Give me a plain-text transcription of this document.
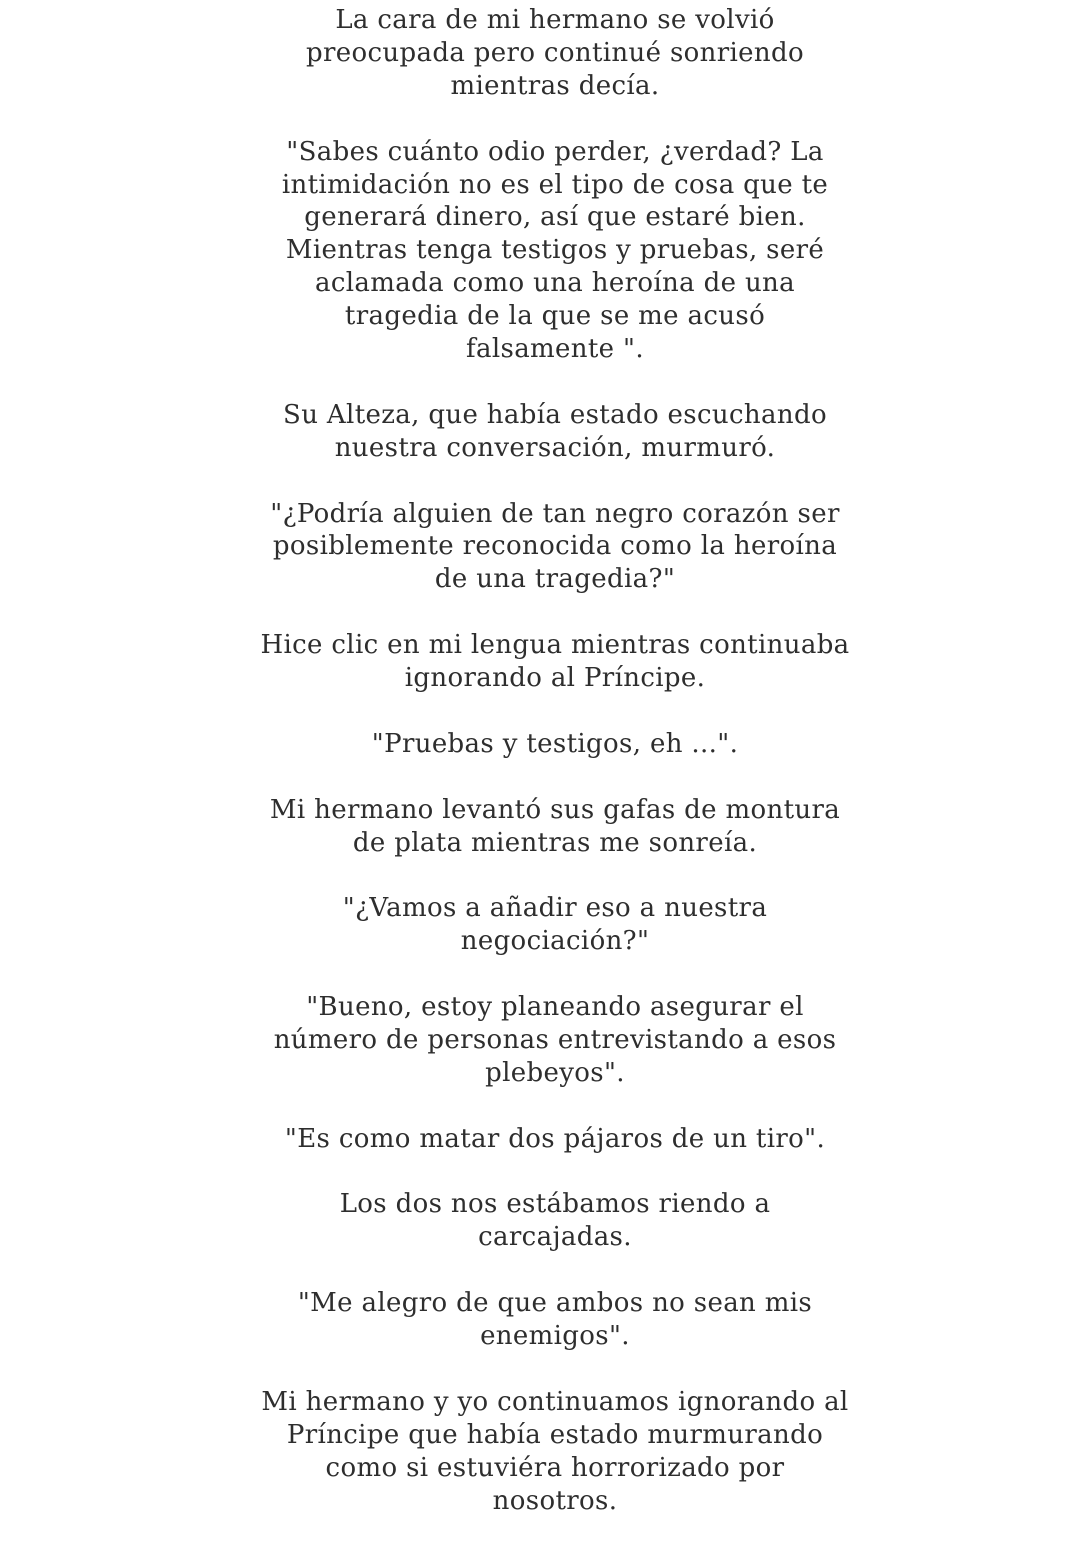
La cara de mi hermano se volvió
preocupada pero continué sonriendo
mientras decía.

"Sabes cuánto odio perder, ¿verdad? La
intimidación no es el tipo de cosa que te
generará dinero, así que estaré bien.
Mientras tenga testigos y pruebas, seré
aclamada como una heroína de una
tragedia de la que se me acusó
falsamente ".

Su Alteza, que había estado escuchando
nuestra conversación, murmuró.

"¿Podría alguien de tan negro corazón ser
posiblemente reconocida como la heroína
de una tragedia?"

Hice clic en mi lengua mientras continuaba
ignorando al Príncipe.

"Pruebas y testigos, eh ...".

Mi hermano levantó sus gafas de montura
de plata mientras me sonreía.

"¿Vamos a añadir eso a nuestra
negociación?"

"Bueno, estoy planeando asegurar el
número de personas entrevistando a esos
plebeyos".

"Es como matar dos pájaros de un tiro".

Los dos nos estábamos riendo a
carcajadas.

"Me alegro de que ambos no sean mis
enemigos".

Mi hermano y yo continuamos ignorando al
Príncipe que había estado murmurando
como si estuviéra horrorizado por
nosotros.
